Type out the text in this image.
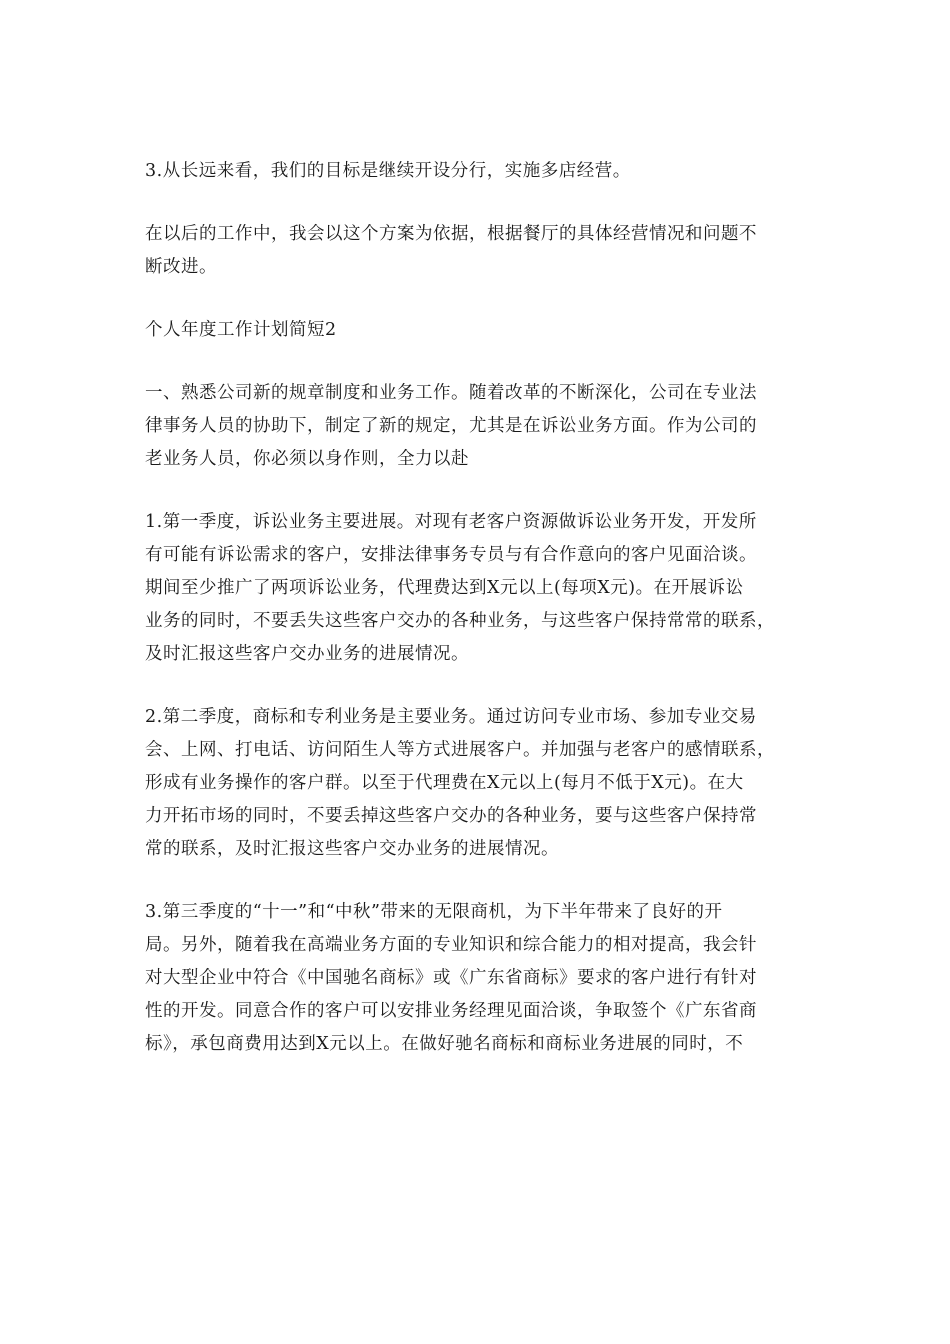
3.从长远来看，我们的目标是继续开设分行，实施多店经营。

在以后的工作中，我会以这个方案为依据，根据餐厅的具体经营情况和问题不
断改进。

个人年度工作计划简短2

一、熟悉公司新的规章制度和业务工作。随着改革的不断深化，公司在专业法
律事务人员的协助下，制定了新的规定，尤其是在诉讼业务方面。作为公司的
老业务人员，你必须以身作则，全力以赴

1.第一季度，诉讼业务主要进展。对现有老客户资源做诉讼业务开发，开发所
有可能有诉讼需求的客户，安排法律事务专员与有合作意向的客户见面洽谈。
期间至少推广了两项诉讼业务，代理费达到X元以上(每项X元)。在开展诉讼
业务的同时，不要丢失这些客户交办的各种业务，与这些客户保持常常的联系，
及时汇报这些客户交办业务的进展情况。

2.第二季度，商标和专利业务是主要业务。通过访问专业市场、参加专业交易
会、上网、打电话、访问陌生人等方式进展客户。并加强与老客户的感情联系，
形成有业务操作的客户群。以至于代理费在X元以上(每月不低于X元)。在大
力开拓市场的同时，不要丢掉这些客户交办的各种业务，要与这些客户保持常
常的联系，及时汇报这些客户交办业务的进展情况。

3.第三季度的“十一”和“中秋”带来的无限商机，为下半年带来了良好的开
局。另外，随着我在高端业务方面的专业知识和综合能力的相对提高，我会针
对大型企业中符合《中国驰名商标》或《广东省商标》要求的客户进行有针对
性的开发。同意合作的客户可以安排业务经理见面洽谈，争取签个《广东省商
标》，承包商费用达到X元以上。在做好驰名商标和商标业务进展的同时，不
